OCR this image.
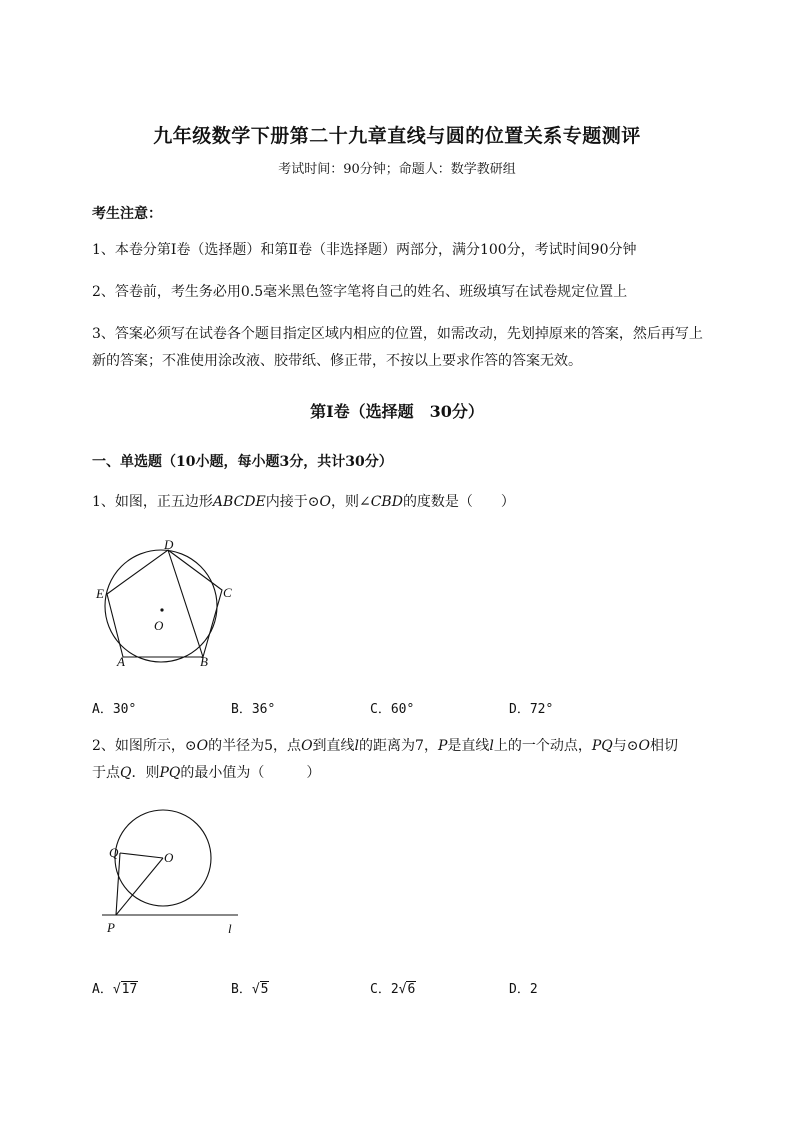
九年级数学下册第二十九章直线与圆的位置关系专题测评
考试时间：90分钟；命题人：数学教研组
考生注意：
1、本卷分第I卷（选择题）和第Ⅱ卷（非选择题）两部分，满分100分，考试时间90分钟
2、答卷前，考生务必用0.5毫米黑色签字笔将自己的姓名、班级填写在试卷规定位置上
3、答案必须写在试卷各个题目指定区域内相应的位置，如需改动，先划掉原来的答案，然后再写上新的答案；不准使用涂改液、胶带纸、修正带，不按以上要求作答的答案无效。
第I卷（选择题　30分）
一、单选题（10小题，每小题3分，共计30分）
1、如图，正五边形ABCDE内接于⊙O，则∠CBD的度数是（　　）
D
C
E
O
A	B
A．30°	B．36°	C．60°	D．72°
2、如图所示，⊙O的半径为5，点O到直线l的距离为7，P是直线l上的一个动点，PQ与⊙O相切
于点Q．则PQ的最小值为（　　　）
Q	O
P	l
A．√17	B．√5	C．2√6	D．2
